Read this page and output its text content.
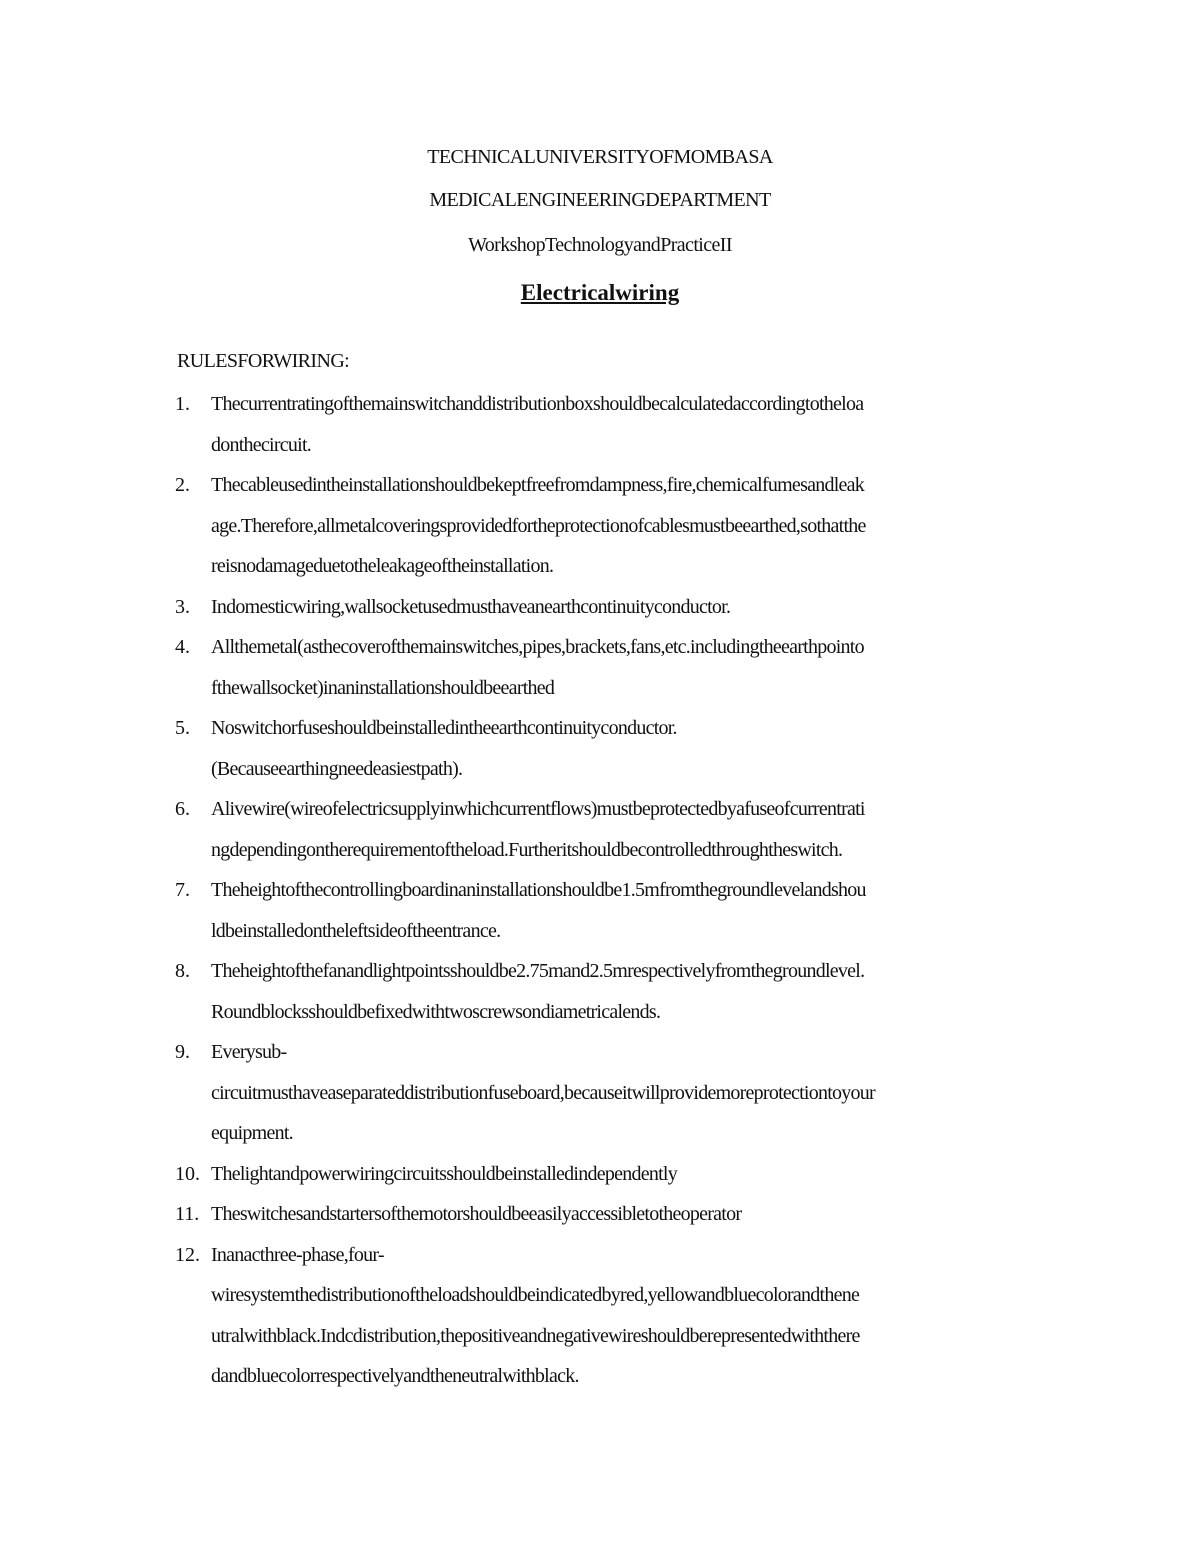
TECHNICALUNIVERSITYOFMOMBASA
MEDICALENGINEERINGDEPARTMENT
WorkshopTechnologyandPracticeII
Electricalwiring
RULESFORWIRING:
1. Thecurrentratingofthemainswitchanddistributionboxshouldbecalculatedaccordingtotheloa
donthecircuit.
2. Thecableusedintheinstallationshouldbekeptfreefromdampness,fire,chemicalfumesandleak
age.Therefore,allmetalcoveringsprovidedfortheprotectionofcablesmustbeearthed,sothatthe
reisnodamageduetotheleakageoftheinstallation.
3. Indomesticwiring,wallsocketusedmusthaveanearthcontinuityconductor.
4. Allthemetal(asthecoverofthemainswitches,pipes,brackets,fans,etc.includingtheearthpointo
fthewallsocket)inaninstallationshouldbeearthed
5. Noswitchorfuseshouldbeinstalledintheearthcontinuityconductor.
(Becauseearthingneedeasiestpath).
6. Alivewire(wireofelectricsupplyinwhichcurrentflows)mustbeprotectedbyafuseofcurrentrati
ngdependingontherequirementoftheload.Furtheritshouldbecontrolledthroughtheswitch.
7. Theheightofthecontrollingboardinaninstallationshouldbe1.5mfromthegroundlevelandshou
ldbeinstalledontheleftsideoftheentrance.
8. Theheightofthefanandlightpointsshouldbe2.75mand2.5mrespectivelyfromthegroundlevel.
Roundblocksshouldbefixedwithtwoscrewsondiametricalends.
9. Everysub-
circuitmusthaveaseparateddistributionfuseboard,becauseitwillprovidemoreprotectiontoyour
equipment.
10. Thelightandpowerwiringcircuitsshouldbeinstalledindependently
11. Theswitchesandstartersofthemotorshouldbeeasilyaccessibletotheoperator
12. Inanacthree-phase,four-
wiresystemthedistributionoftheloadshouldbeindicatedbyred,yellowandbluecolorandthene
utralwithblack.Indcdistribution,thepositiveandnegativewireshouldberepresentedwiththere
dandbluecolorrespectivelyandtheneutralwithblack.
